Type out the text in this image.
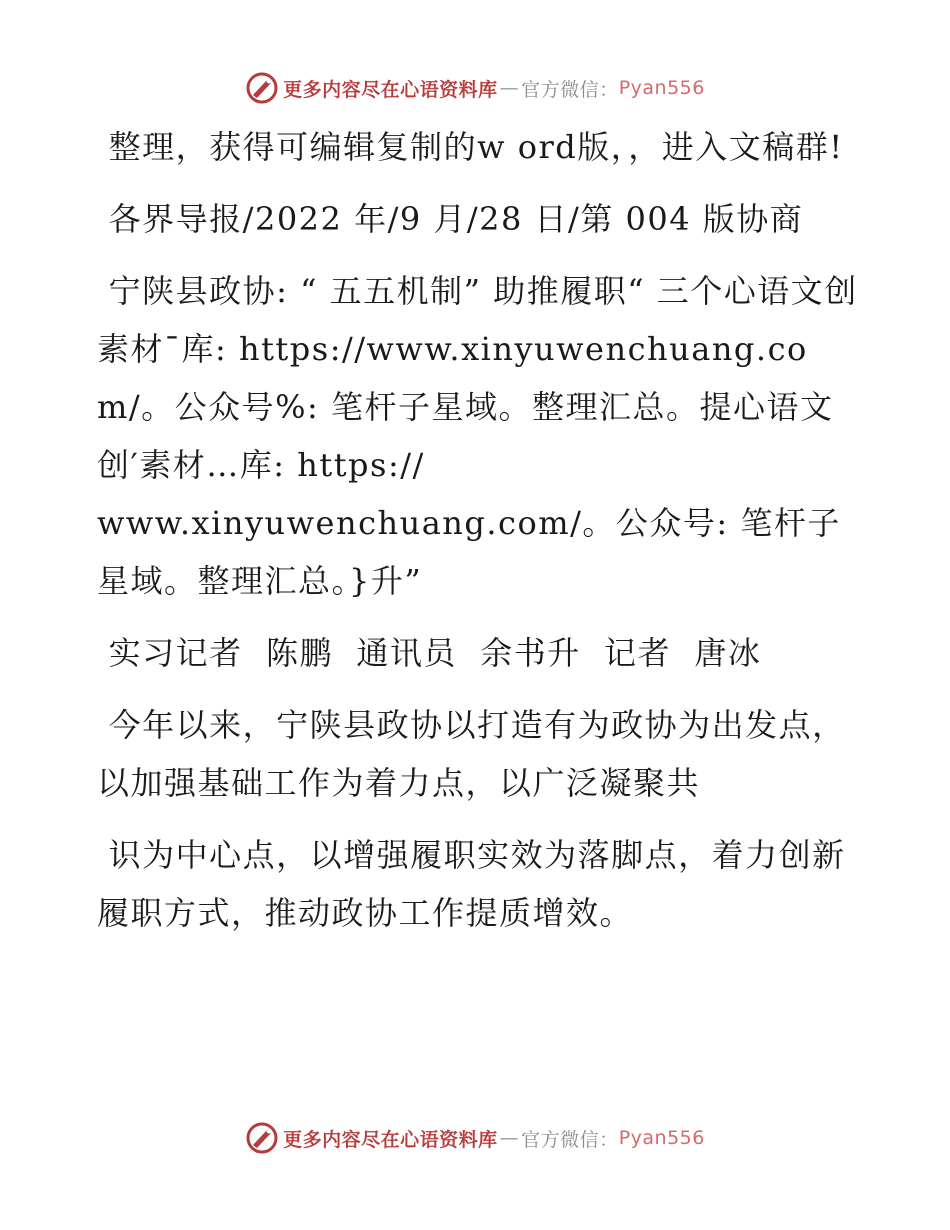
更多内容尽在心语资料库 — 官方微信： Pyan556

整理，获得可编辑复制的w ord版，，进入文稿群!

各界导报/2022 年/9 月/28 日/第 004 版协商

宁陕县政协: “ 五五机制” 助推履职“ 三个心语文创素材¯库: https://www.xinyuwenchuang.com/。公众号%: 笔杆子星域。整理汇总。提心语文创′素材…库: https://
www.xinyuwenchuang.com/。公众号: 笔杆子星域。整理汇总。}升”

实习记者  陈鹏  通讯员  余书升  记者  唐冰

今年以来，宁陕县政协以打造有为政协为出发点，以加强基础工作为着力点，以广泛凝聚共

识为中心点，以增强履职实效为落脚点，着力创新履职方式，推动政协工作提质增效。

更多内容尽在心语资料库 — 官方微信： Pyan556
